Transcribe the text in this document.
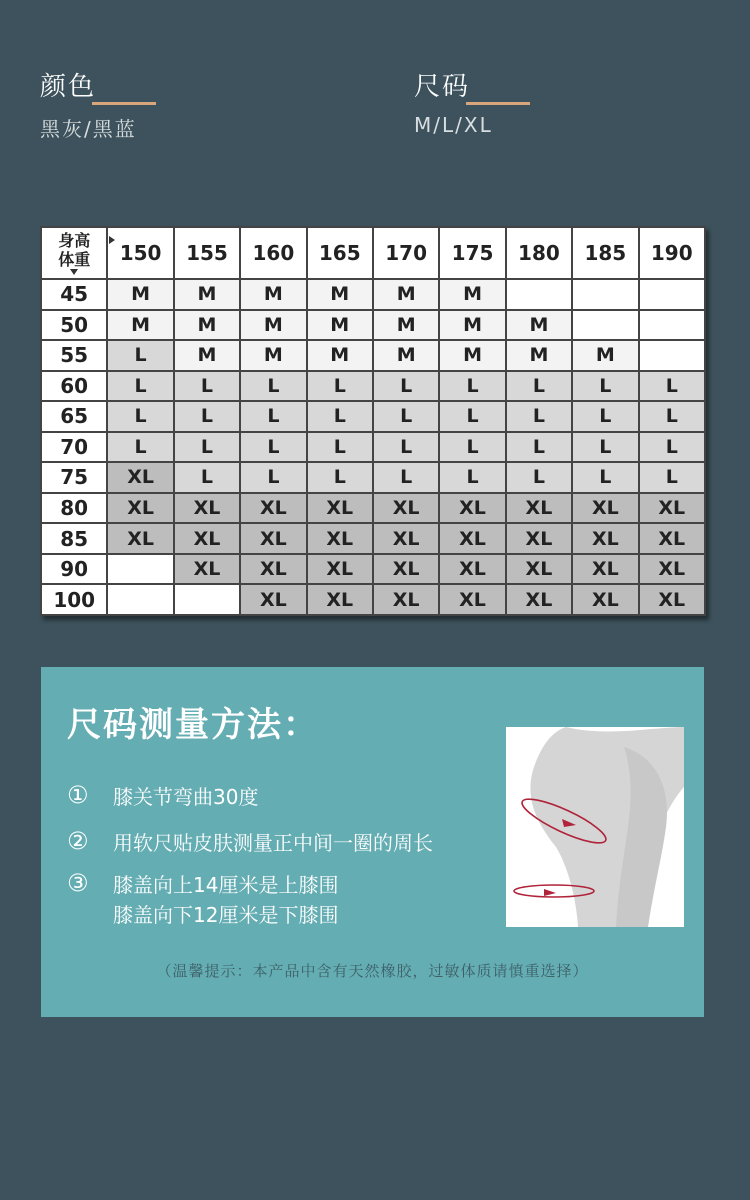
颜色
黑灰/黑蓝
尺码
M/L/XL
身高

体重	150	155	160	165	170	175	180	185	190
45	M	M	M	M	M	M			
50	M	M	M	M	M	M	M		
55	L	M	M	M	M	M	M	M	
60	L	L	L	L	L	L	L	L	L
65	L	L	L	L	L	L	L	L	L
70	L	L	L	L	L	L	L	L	L
75	XL	L	L	L	L	L	L	L	L
80	XL	XL	XL	XL	XL	XL	XL	XL	XL
85	XL	XL	XL	XL	XL	XL	XL	XL	XL
90		XL	XL	XL	XL	XL	XL	XL	XL
100			XL	XL	XL	XL	XL	XL	XL
尺码测量方法：
①	膝关节弯曲30度
②	用软尺贴皮肤测量正中间一圈的周长
③	膝盖向上14厘米是上膝围
膝盖向下12厘米是下膝围
（温馨提示：本产品中含有天然橡胶，过敏体质请慎重选择）
